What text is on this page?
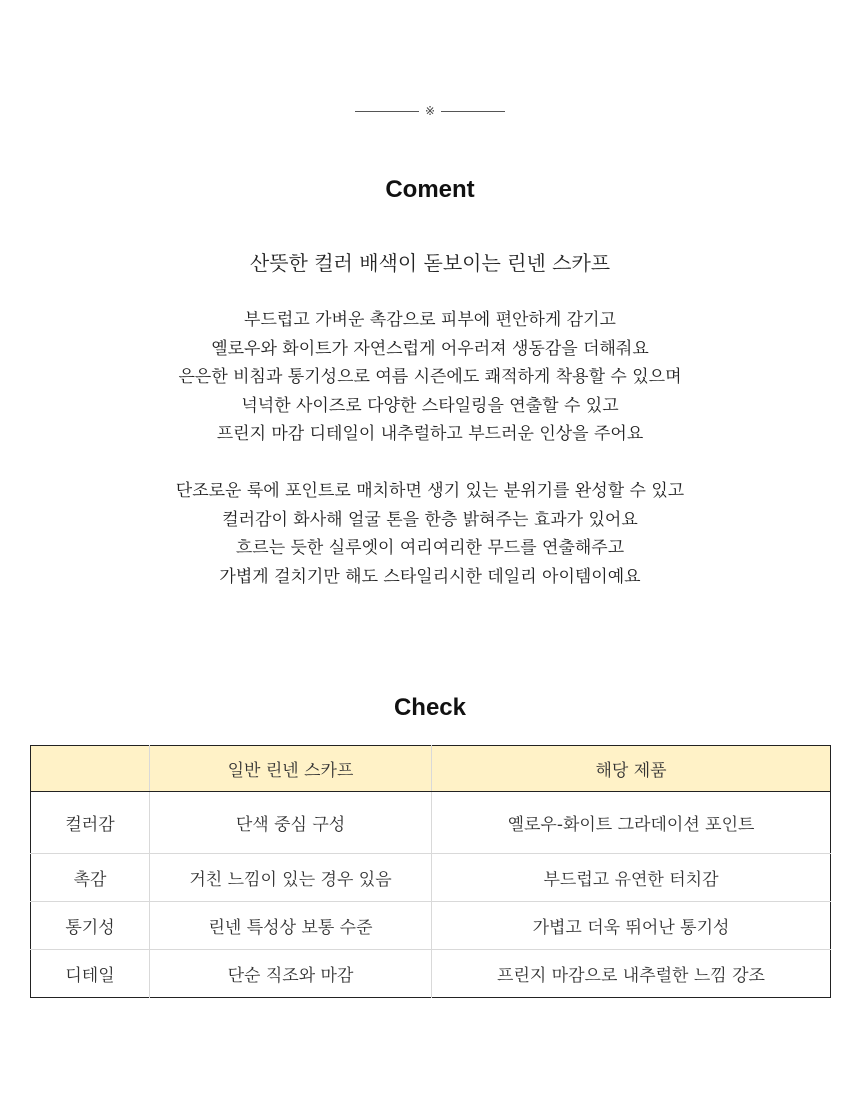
※
Coment

산뜻한 컬러 배색이 돋보이는 린넨 스카프

부드럽고 가벼운 촉감으로 피부에 편안하게 감기고
옐로우와 화이트가 자연스럽게 어우러져 생동감을 더해줘요
은은한 비침과 통기성으로 여름 시즌에도 쾌적하게 착용할 수 있으며
넉넉한 사이즈로 다양한 스타일링을 연출할 수 있고
프린지 마감 디테일이 내추럴하고 부드러운 인상을 주어요

단조로운 룩에 포인트로 매치하면 생기 있는 분위기를 완성할 수 있고
컬러감이 화사해 얼굴 톤을 한층 밝혀주는 효과가 있어요
흐르는 듯한 실루엣이 여리여리한 무드를 연출해주고
가볍게 걸치기만 해도 스타일리시한 데일리 아이템이예요

Check
	일반 린넨 스카프	해당 제품
컬러감	단색 중심 구성	옐로우-화이트 그라데이션 포인트
촉감	거친 느낌이 있는 경우 있음	부드럽고 유연한 터치감
통기성	린넨 특성상 보통 수준	가볍고 더욱 뛰어난 통기성
디테일	단순 직조와 마감	프린지 마감으로 내추럴한 느낌 강조
